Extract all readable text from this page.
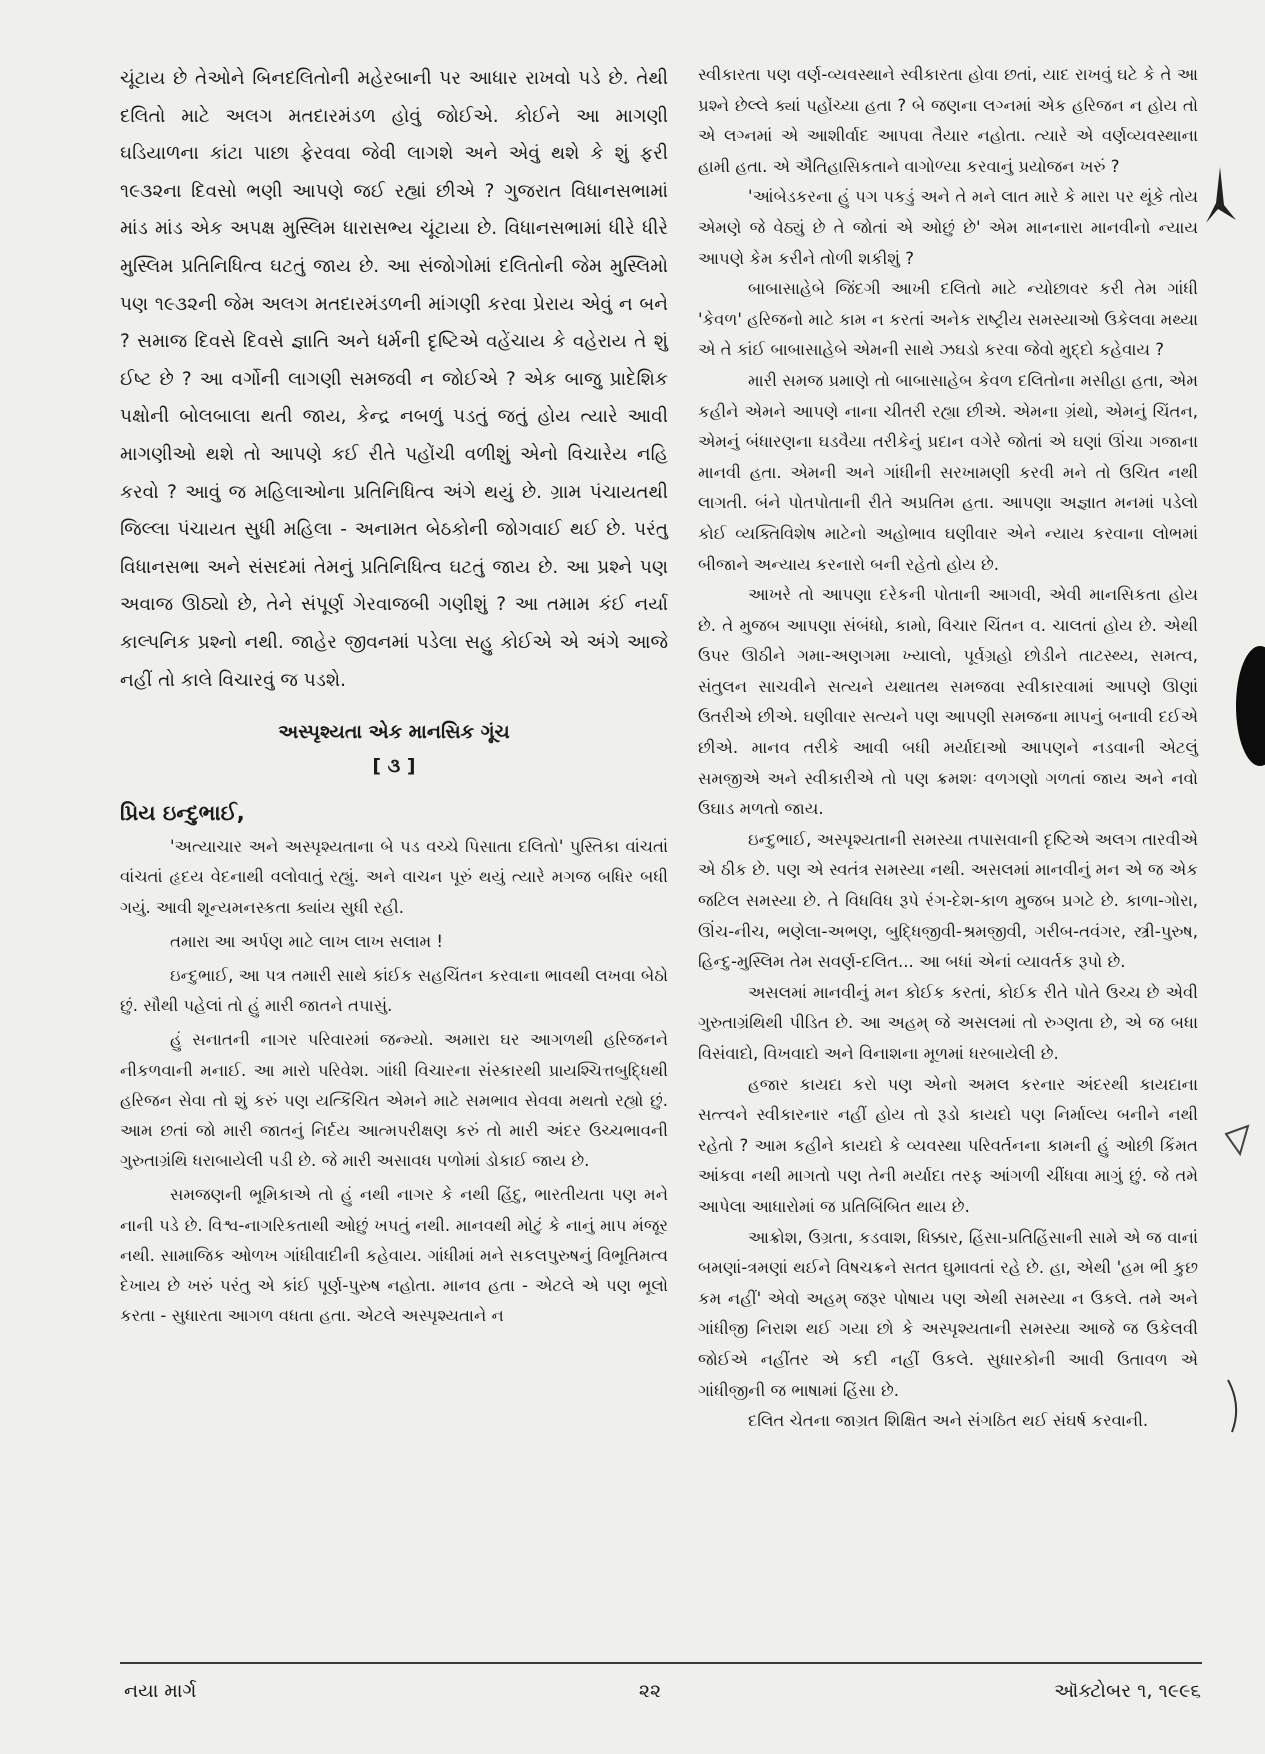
ચૂંટાય છે તેઓને બિનદલિતોની મહેરબાની પર આધાર રાખવો પડે છે. તેથી દલિતો માટે અલગ મતદારમંડળ હોવું જોઈએ. કોઈને આ માગણી ઘડિયાળના કાંટા પાછા ફેરવવા જેવી લાગશે અને એવું થશે કે શું ફરી ૧૯૩૨ના દિવસો ભણી આપણે જઈ રહ્યાં છીએ ? ગુજરાત વિધાનસભામાં માંડ માંડ એક અપક્ષ મુસ્લિમ ધારાસભ્ય ચૂંટાયા છે. વિધાનસભામાં ધીરે ધીરે મુસ્લિમ પ્રતિનિધિત્વ ઘટતું જાય છે. આ સંજોગોમાં દલિતોની જેમ મુસ્લિમો પણ ૧૯૩૨ની જેમ અલગ મતદારમંડળની માંગણી કરવા પ્રેરાય એવું ન બને ? સમાજ દિવસે દિવસે જ્ઞાતિ અને ધર્મની દૃષ્ટિએ વહેંચાય કે વહેરાય તે શું ઈષ્ટ છે ? આ વર્ગોની લાગણી સમજવી ન જોઈએ ? એક બાજુ પ્રાદેશિક પક્ષોની બોલબાલા થતી જાય, કેન્દ્ર નબળું પડતું જતું હોય ત્યારે આવી માગણીઓ થશે તો આપણે કઈ રીતે પહોંચી વળીશું એનો વિચારેય નહિ કરવો ? આવું જ મહિલાઓના પ્રતિનિધિત્વ અંગે થયું છે. ગ્રામ પંચાયતથી જિલ્લા પંચાયત સુધી મહિલા - અનામત બેઠકોની જોગવાઈ થઈ છે. પરંતુ વિધાનસભા અને સંસદમાં તેમનું પ્રતિનિધિત્વ ઘટતું જાય છે. આ પ્રશ્ને પણ અવાજ ઊઠ્યો છે, તેને સંપૂર્ણ ગેરવાજબી ગણીશું ? આ તમામ કંઈ નર્યા કાલ્પનિક પ્રશ્નો નથી. જાહેર જીવનમાં પડેલા સહુ કોઈએ એ અંગે આજે નહીં તો કાલે વિચારવું જ પડશે.

અસ્પૃશ્યતા એક માનસિક ગૂંચ
[ ૩ ]
પ્રિય ઇન્દુભાઈ,

'અત્યાચાર અને અસ્પૃશ્યતાના બે પડ વચ્ચે પિસાતા દલિતો' પુસ્તિકા વાંચતાં વાંચતાં હૃદય વેદનાથી વલોવાતું રહ્યું. અને વાચન પૂરું થયું ત્યારે મગજ બધિર બધી ગયું. આવી શૂન્યમનસ્કતા ક્યાંય સુધી રહી.

તમારા આ અર્પણ માટે લાખ લાખ સલામ !

ઇન્દુભાઈ, આ પત્ર તમારી સાથે કાંઈક સહચિંતન કરવાના ભાવથી લખવા બેઠો છું. સૌથી પહેલાં તો હું મારી જાતને તપાસું.

હું સનાતની નાગર પરિવારમાં જન્મ્યો. અમારા ઘર આગળથી હરિજનને નીકળવાની મનાઈ. આ મારો પરિવેશ. ગાંધી વિચારના સંસ્કારથી પ્રાયશ્ચિત્તબુદ્ધિથી હરિજન સેવા તો શું કરું પણ યત્કિંચિત એમને માટે સમભાવ સેવવા મથતો રહ્યો છું. આમ છતાં જો મારી જાતનું નિર્દય આત્મપરીક્ષણ કરું તો મારી અંદર ઉચ્ચભાવની ગુરુતાગ્રંથિ ધરાબાયેલી પડી છે. જે મારી અસાવધ પળોમાં ડોકાઈ જાય છે.

સમજણની ભૂમિકાએ તો હું નથી નાગર કે નથી હિંદુ, ભારતીયતા પણ મને નાની પડે છે. વિશ્વ-નાગરિકતાથી ઓછું ખપતું નથી. માનવથી મોટું કે નાનું માપ મંજૂર નથી. સામાજિક ઓળખ ગાંધીવાદીની કહેવાય. ગાંધીમાં મને સકલપુરુષનું વિભૂતિમત્વ દેખાય છે ખરું પરંતુ એ કાંઈ પૂર્ણ-પુરુષ નહોતા. માનવ હતા - એટલે એ પણ ભૂલો કરતા - સુધારતા આગળ વધતા હતા. એટલે અસ્પૃશ્યતાને ન

સ્વીકારતા પણ વર્ણ-વ્યવસ્થાને સ્વીકારતા હોવા છતાં, યાદ રાખવું ઘટે કે તે આ પ્રશ્ને છેલ્લે ક્યાં પહોંચ્યા હતા ? બે જણના લગ્નમાં એક હરિજન ન હોય તો એ લગ્નમાં એ આશીર્વાદ આપવા તૈયાર નહોતા. ત્યારે એ વર્ણવ્યવસ્થાના હામી હતા. એ ઐતિહાસિકતાને વાગોળ્યા કરવાનું પ્રયોજન ખરું ?

'આંબેડકરના હું પગ પકડું અને તે મને લાત મારે કે મારા પર થૂંકે તોય એમણે જે વેઠ્યું છે તે જોતાં એ ઓછું છે' એમ માનનારા માનવીનો ન્યાય આપણે કેમ કરીને તોળી શકીશું ?

બાબાસાહેબે જિંદગી આખી દલિતો માટે ન્યોછાવર કરી તેમ ગાંધી 'કેવળ' હરિજનો માટે કામ ન કરતાં અનેક રાષ્ટ્રીય સમસ્યાઓ ઉકેલવા મથ્યા એ તે કાંઈ બાબાસાહેબે એમની સાથે ઝઘડો કરવા જેવો મુદ્દો કહેવાય ?

મારી સમજ પ્રમાણે તો બાબાસાહેબ કેવળ દલિતોના મસીહા હતા, એમ કહીને એમને આપણે નાના ચીતરી રહ્યા છીએ. એમના ગ્રંથો, એમનું ચિંતન, એમનું બંધારણના ઘડવૈયા તરીકેનું પ્રદાન વગેરે જોતાં એ ઘણાં ઊંચા ગજાના માનવી હતા. એમની અને ગાંધીની સરખામણી કરવી મને તો ઉચિત નથી લાગતી. બંને પોતપોતાની રીતે અપ્રતિમ હતા. આપણા અજ્ઞાત મનમાં પડેલો કોઈ વ્યક્તિવિશેષ માટેનો અહોભાવ ઘણીવાર એને ન્યાય કરવાના લોભમાં બીજાને અન્યાય કરનારો બની રહેતો હોય છે.

આખરે તો આપણા દરેકની પોતાની આગવી, એવી માનસિકતા હોય છે. તે મુજબ આપણા સંબંધો, કામો, વિચાર ચિંતન વ. ચાલતાં હોય છે. એથી ઉપર ઊઠીને ગમા-અણગમા ખ્યાલો, પૂર્વગ્રહો છોડીને તાટસ્થ્ય, સમત્વ, સંતુલન સાચવીને સત્યને યથાતથ સમજવા સ્વીકારવામાં આપણે ઊણાં ઉતરીએ છીએ. ઘણીવાર સત્યને પણ આપણી સમજના માપનું બનાવી દઈએ છીએ. માનવ તરીકે આવી બધી મર્યાદાઓ આપણને નડવાની એટલું સમજીએ અને સ્વીકારીએ તો પણ ક્રમશઃ વળગણો ગળતાં જાય અને નવો ઉઘાડ મળતો જાય.

ઇન્દુભાઈ, અસ્પૃશ્યતાની સમસ્યા તપાસવાની દૃષ્ટિએ અલગ તારવીએ એ ઠીક છે. પણ એ સ્વતંત્ર સમસ્યા નથી. અસલમાં માનવીનું મન એ જ એક જટિલ સમસ્યા છે. તે વિધવિધ રૂપે રંગ-દેશ-કાળ મુજબ પ્રગટે છે. કાળા-ગોરા, ઊંચ-નીચ, ભણેલા-અભણ, બુદ્ધિજીવી-શ્રમજીવી, ગરીબ-તવંગર, સ્ત્રી-પુરુષ, હિન્દુ-મુસ્લિમ તેમ સવર્ણ-દલિત... આ બધાં એનાં વ્યાવર્તક રૂપો છે.

અસલમાં માનવીનું મન કોઈક કરતાં, કોઈક રીતે પોતે ઉચ્ચ છે એવી ગુરુતાગ્રંથિથી પીડિત છે. આ અહમ્ જે અસલમાં તો રુગ્ણતા છે, એ જ બધા વિસંવાદો, વિખવાદો અને વિનાશના મૂળમાં ધરબાયેલી છે.

હજાર કાયદા કરો પણ એનો અમલ કરનાર અંદરથી કાયદાના સત્ત્વને સ્વીકારનાર નહીં હોય તો રૂડો કાયદો પણ નિર્માલ્ય બનીને નથી રહેતો ? આમ કહીને કાયદો કે વ્યવસ્થા પરિવર્તનના કામની હું ઓછી કિંમત આંકવા નથી માગતો પણ તેની મર્યાદા તરફ આંગળી ચીંધવા માગું છું. જે તમે આપેલા આધારોમાં જ પ્રતિબિંબિત થાય છે.

આક્રોશ, ઉગ્રતા, કડવાશ, ધિક્કાર, હિંસા-પ્રતિહિંસાની સામે એ જ વાનાં બમણાં-ત્રમણાં થઈને વિષચક્રને સતત ઘુમાવતાં રહે છે. હા, એથી 'હમ ભી કુછ કમ નહીં' એવો અહમ્ જરૂર પોષાય પણ એથી સમસ્યા ન ઉકલે. તમે અને ગાંધીજી નિરાશ થઈ ગયા છો કે અસ્પૃશ્યતાની સમસ્યા આજે જ ઉકેલવી જોઈએ નહીંતર એ કદી નહીં ઉકલે. સુધારકોની આવી ઉતાવળ એ ગાંધીજીની જ ભાષામાં હિંસા છે.

દલિત ચેતના જાગ્રત શિક્ષિત અને સંગઠિત થઈ સંઘર્ષ કરવાની.

નયા માર્ગ	૨૨	ઑક્ટોબર ૧, ૧૯૯૬
